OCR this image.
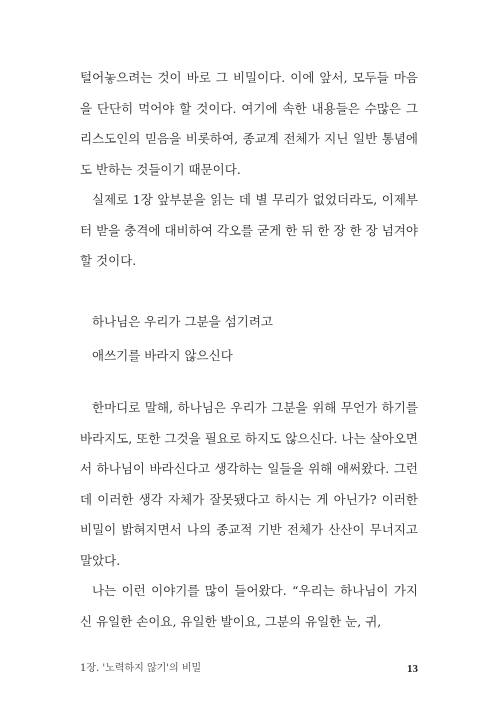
털어놓으려는 것이 바로 그 비밀이다. 이에 앞서, 모두들 마음을 단단히 먹어야 할 것이다. 여기에 속한 내용들은 수많은 그리스도인의 믿음을 비롯하여, 종교계 전체가 지닌 일반 통념에도 반하는 것들이기 때문이다.

실제로 1장 앞부분을 읽는 데 별 무리가 없었더라도, 이제부터 받을 충격에 대비하여 각오를 굳게 한 뒤 한 장 한 장 넘겨야 할 것이다.

하나님은 우리가 그분을 섬기려고

애쓰기를 바라지 않으신다

한마디로 말해, 하나님은 우리가 그분을 위해 무언가 하기를 바라지도, 또한 그것을 필요로 하지도 않으신다. 나는 살아오면서 하나님이 바라신다고 생각하는 일들을 위해 애써왔다. 그런데 이러한 생각 자체가 잘못됐다고 하시는 게 아닌가? 이러한 비밀이 밝혀지면서 나의 종교적 기반 전체가 산산이 무너지고 말았다.

나는 이런 이야기를 많이 들어왔다. “우리는 하나님이 가지신 유일한 손이요, 유일한 발이요, 그분의 유일한 눈, 귀,

1장. '노력하지 않기'의 비밀	13
